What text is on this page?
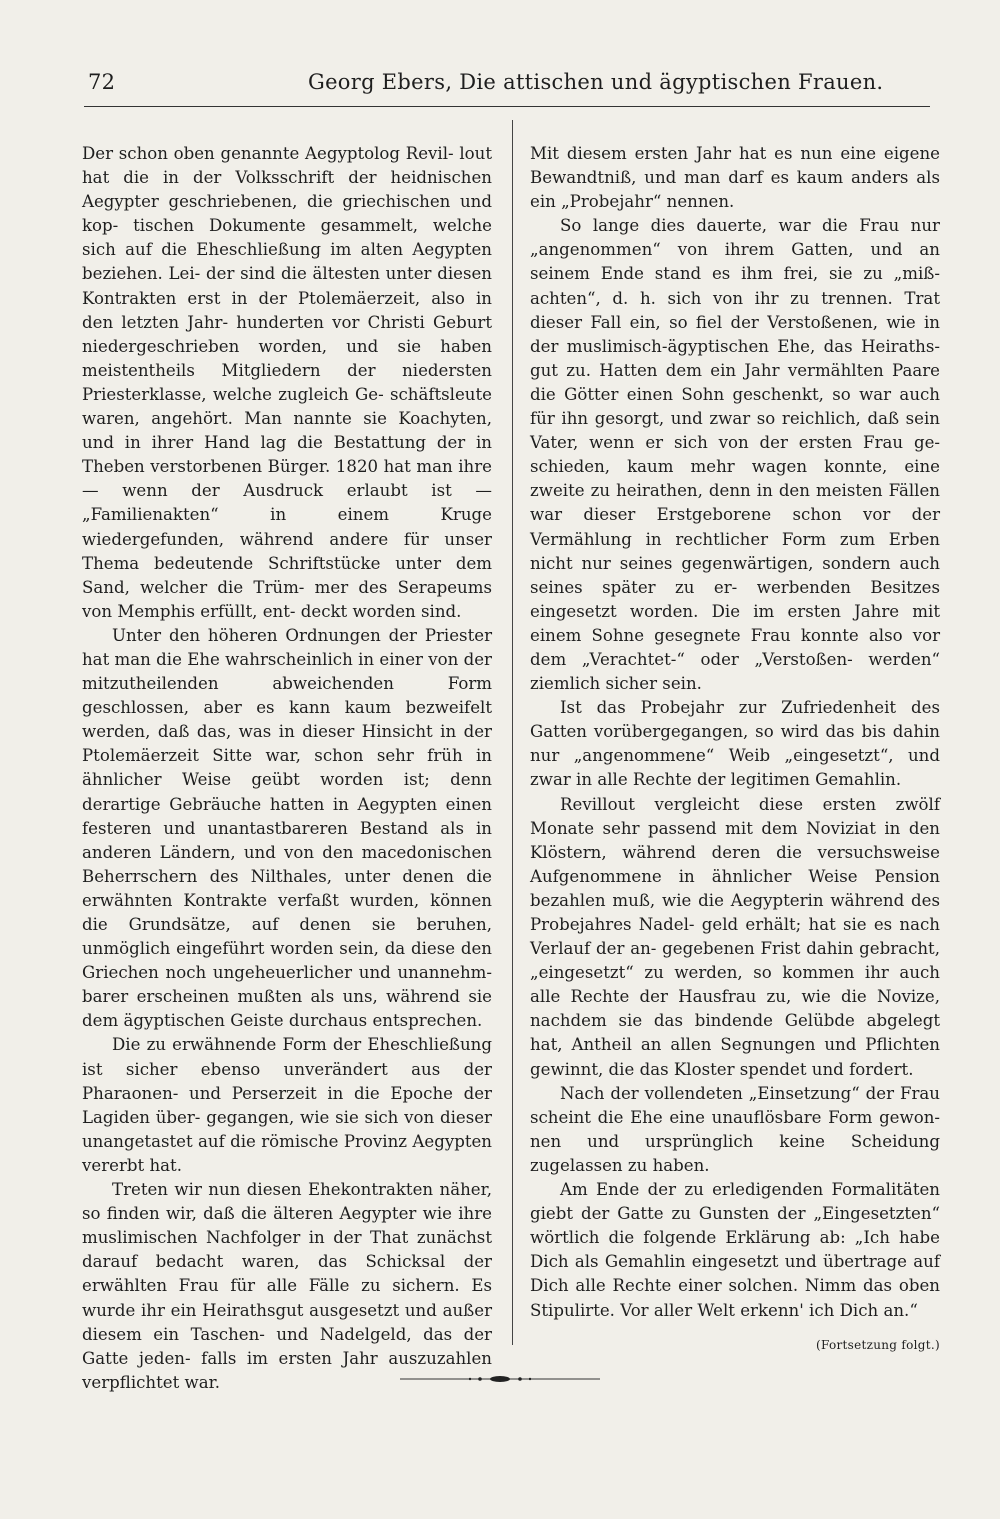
72	Georg Ebers, Die attischen und ägyptischen Frauen.

Der schon oben genannte Aegyptolog Revil- lout hat die in der Volksschrift der heidnischen Aegypter geschriebenen, die griechischen und kop- tischen Dokumente gesammelt, welche sich auf die Eheschließung im alten Aegypten beziehen. Lei- der sind die ältesten unter diesen Kontrakten erst in der Ptolemäerzeit, also in den letzten Jahr- hunderten vor Christi Geburt niedergeschrieben worden, und sie haben meistentheils Mitgliedern der niedersten Priesterklasse, welche zugleich Ge- schäftsleute waren, angehört. Man nannte sie Koachyten, und in ihrer Hand lag die Bestattung der in Theben verstorbenen Bürger. 1820 hat man ihre — wenn der Ausdruck erlaubt ist — „Familienakten“ in einem Kruge wiedergefunden, während andere für unser Thema bedeutende Schriftstücke unter dem Sand, welcher die Trüm- mer des Serapeums von Memphis erfüllt, ent- deckt worden sind.

Unter den höheren Ordnungen der Priester hat man die Ehe wahrscheinlich in einer von der mitzutheilenden abweichenden Form geschlossen, aber es kann kaum bezweifelt werden, daß das, was in dieser Hinsicht in der Ptolemäerzeit Sitte war, schon sehr früh in ähnlicher Weise geübt worden ist; denn derartige Gebräuche hatten in Aegypten einen festeren und unantastbareren Bestand als in anderen Ländern, und von den macedonischen Beherrschern des Nilthales, unter denen die erwähnten Kontrakte verfaßt wurden, können die Grundsätze, auf denen sie beruhen, unmöglich eingeführt worden sein, da diese den Griechen noch ungeheuerlicher und unannehm- barer erscheinen mußten als uns, während sie dem ägyptischen Geiste durchaus entsprechen.

Die zu erwähnende Form der Eheschließung ist sicher ebenso unverändert aus der Pharaonen- und Perserzeit in die Epoche der Lagiden über- gegangen, wie sie sich von dieser unangetastet auf die römische Provinz Aegypten vererbt hat.

Treten wir nun diesen Ehekontrakten näher, so finden wir, daß die älteren Aegypter wie ihre muslimischen Nachfolger in der That zunächst darauf bedacht waren, das Schicksal der erwählten Frau für alle Fälle zu sichern. Es wurde ihr ein Heirathsgut ausgesetzt und außer diesem ein Taschen- und Nadelgeld, das der Gatte jeden- falls im ersten Jahr auszuzahlen verpflichtet war.

Mit diesem ersten Jahr hat es nun eine eigene Bewandtniß, und man darf es kaum anders als ein „Probejahr“ nennen.

So lange dies dauerte, war die Frau nur „angenommen“ von ihrem Gatten, und an seinem Ende stand es ihm frei, sie zu „miß- achten“, d. h. sich von ihr zu trennen. Trat dieser Fall ein, so fiel der Verstoßenen, wie in der muslimisch-ägyptischen Ehe, das Heiraths- gut zu. Hatten dem ein Jahr vermählten Paare die Götter einen Sohn geschenkt, so war auch für ihn gesorgt, und zwar so reichlich, daß sein Vater, wenn er sich von der ersten Frau ge- schieden, kaum mehr wagen konnte, eine zweite zu heirathen, denn in den meisten Fällen war dieser Erstgeborene schon vor der Vermählung in rechtlicher Form zum Erben nicht nur seines gegenwärtigen, sondern auch seines später zu er- werbenden Besitzes eingesetzt worden. Die im ersten Jahre mit einem Sohne gesegnete Frau konnte also vor dem „Verachtet-“ oder „Verstoßen- werden“ ziemlich sicher sein.

Ist das Probejahr zur Zufriedenheit des Gatten vorübergegangen, so wird das bis dahin nur „angenommene“ Weib „eingesetzt“, und zwar in alle Rechte der legitimen Gemahlin.

Revillout vergleicht diese ersten zwölf Monate sehr passend mit dem Noviziat in den Klöstern, während deren die versuchsweise Aufgenommene in ähnlicher Weise Pension bezahlen muß, wie die Aegypterin während des Probejahres Nadel- geld erhält; hat sie es nach Verlauf der an- gegebenen Frist dahin gebracht, „eingesetzt“ zu werden, so kommen ihr auch alle Rechte der Hausfrau zu, wie die Novize, nachdem sie das bindende Gelübde abgelegt hat, Antheil an allen Segnungen und Pflichten gewinnt, die das Kloster spendet und fordert.

Nach der vollendeten „Einsetzung“ der Frau scheint die Ehe eine unauflösbare Form gewon- nen und ursprünglich keine Scheidung zugelassen zu haben.

Am Ende der zu erledigenden Formalitäten giebt der Gatte zu Gunsten der „Eingesetzten“ wörtlich die folgende Erklärung ab: „Ich habe Dich als Gemahlin eingesetzt und übertrage auf Dich alle Rechte einer solchen. Nimm das oben Stipulirte. Vor aller Welt erkenn' ich Dich an.“

(Fortsetzung folgt.)
